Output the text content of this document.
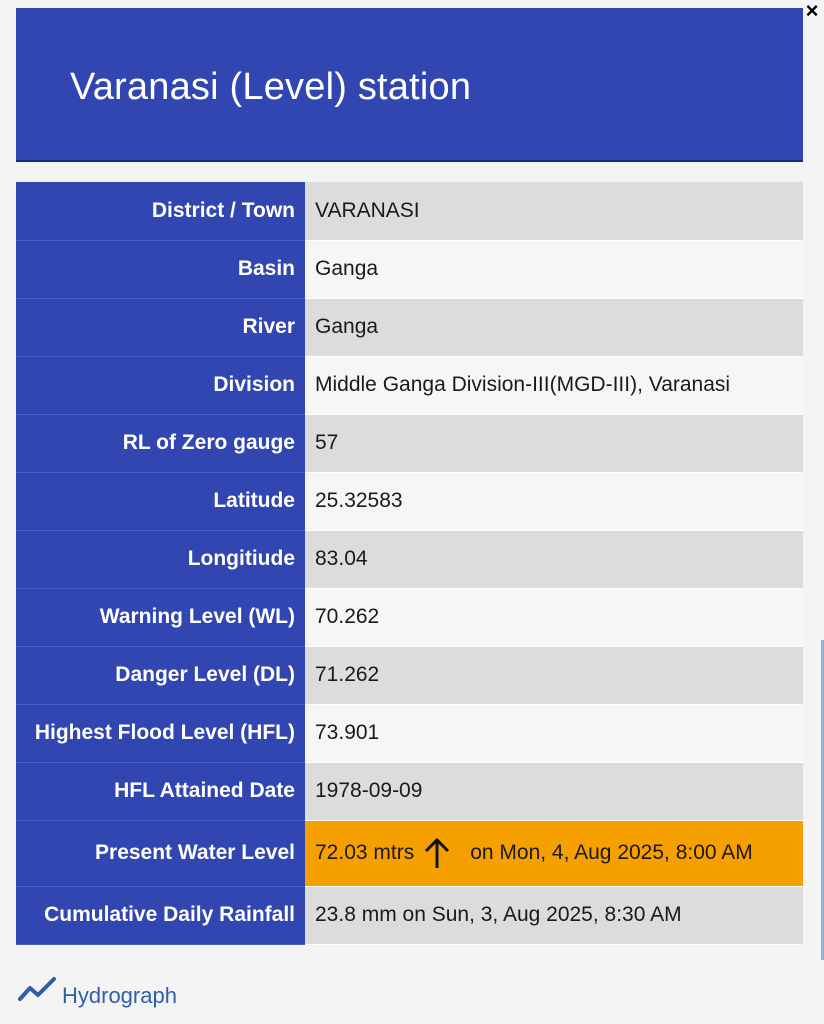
×
Varanasi (Level) station
District / Town	VARANASI
Basin	Ganga
River	Ganga
Division	Middle Ganga Division-III(MGD-III), Varanasi
RL of Zero gauge	57
Latitude	25.32583
Longitiude	83.04
Warning Level (WL)	70.262
Danger Level (DL)	71.262
Highest Flood Level (HFL)	73.901
HFL Attained Date	1978-09-09
Present Water Level	72.03 mtrs on Mon, 4, Aug 2025, 8:00 AM

Cumulative Daily Rainfall	23.8 mm on Sun, 3, Aug 2025, 8:30 AM
Hydrograph
